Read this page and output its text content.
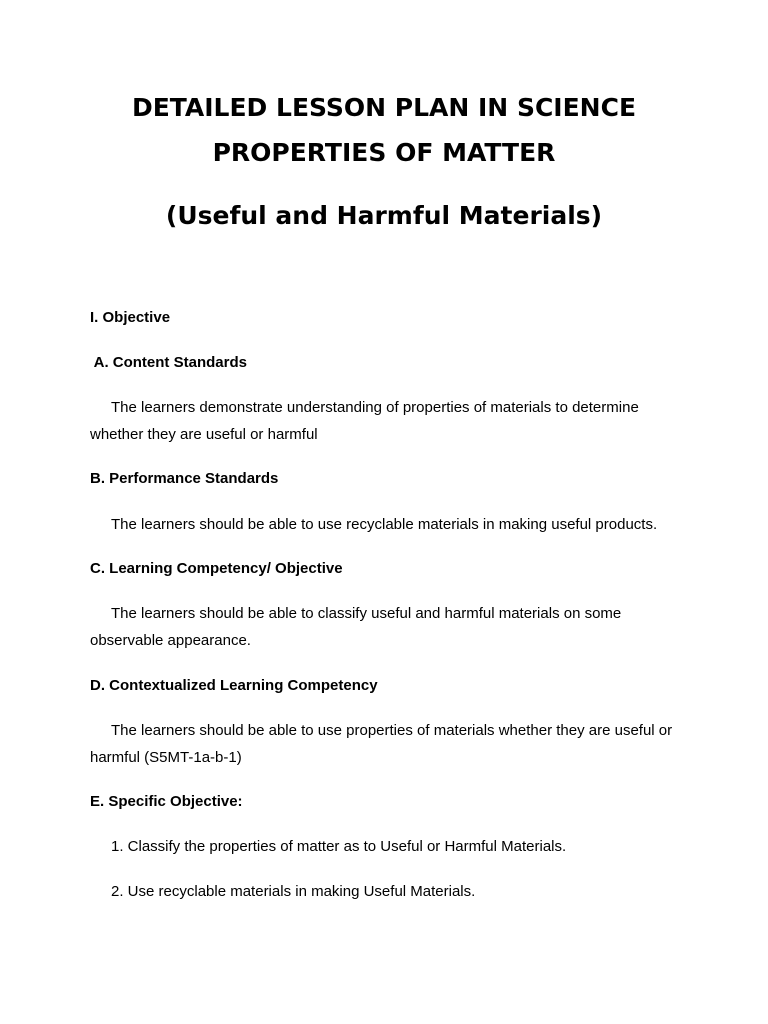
DETAILED LESSON PLAN IN SCIENCE
PROPERTIES OF MATTER
(Useful and Harmful Materials)
I. Objective
A. Content Standards
The learners demonstrate understanding of properties of materials to determine
whether they are useful or harmful
B. Performance Standards
The learners should be able to use recyclable materials in making useful products.
C. Learning Competency/ Objective
The learners should be able to classify useful and harmful materials on some
observable appearance.
D. Contextualized Learning Competency
The learners should be able to use properties of materials whether they are useful or
harmful (S5MT-1a-b-1)
E. Specific Objective:
1. Classify the properties of matter as to Useful or Harmful Materials.
2. Use recyclable materials in making Useful Materials.
